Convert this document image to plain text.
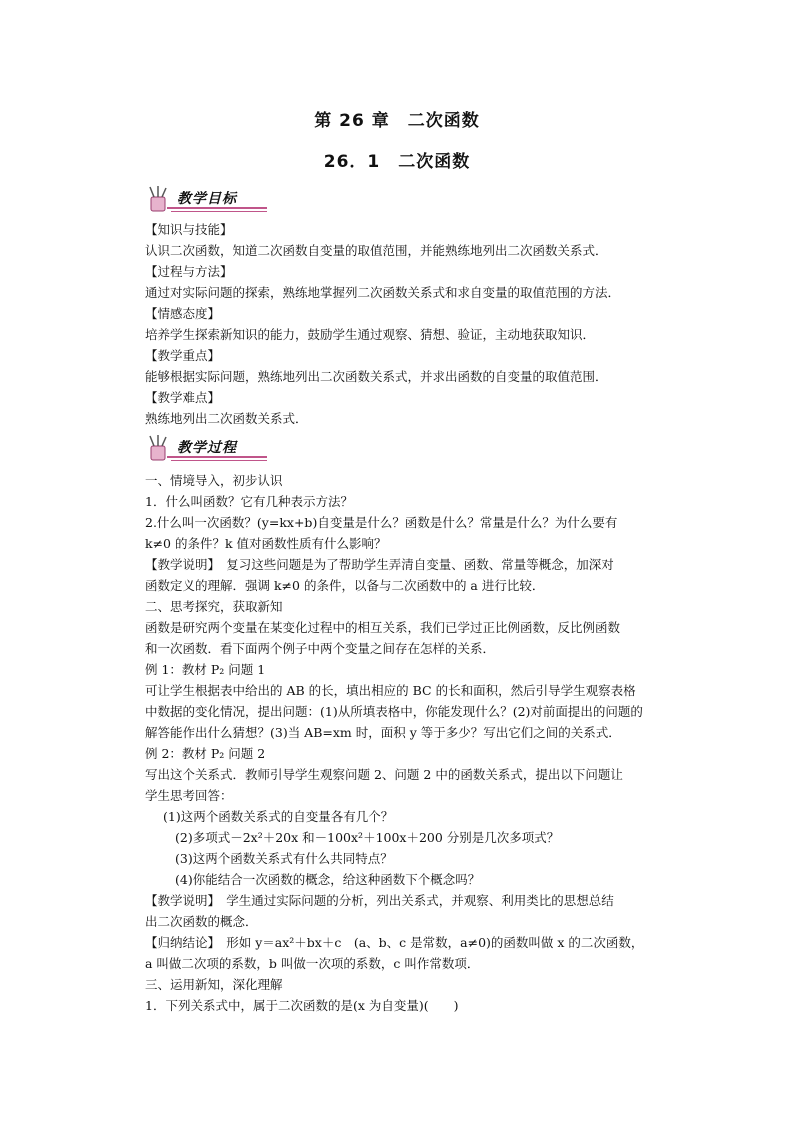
第 26 章　二次函数
26．1　二次函数
教学目标
教学过程
【知识与技能】
认识二次函数，知道二次函数自变量的取值范围，并能熟练地列出二次函数关系式．
【过程与方法】
通过对实际问题的探索，熟练地掌握列二次函数关系式和求自变量的取值范围的方法．
【情感态度】
培养学生探索新知识的能力，鼓励学生通过观察、猜想、验证，主动地获取知识．
【教学重点】
能够根据实际问题，熟练地列出二次函数关系式，并求出函数的自变量的取值范围．
【教学难点】
熟练地列出二次函数关系式．
一、情境导入，初步认识
1．什么叫函数？它有几种表示方法？
2.什么叫一次函数？(y=kx+b)自变量是什么？函数是什么？常量是什么？为什么要有
k≠0 的条件？k 值对函数性质有什么影响？
【教学说明】　复习这些问题是为了帮助学生弄清自变量、函数、常量等概念，加深对
函数定义的理解．强调 k≠0 的条件，以备与二次函数中的 a 进行比较．
二、思考探究，获取新知
函数是研究两个变量在某变化过程中的相互关系，我们已学过正比例函数，反比例函数
和一次函数．看下面两个例子中两个变量之间存在怎样的关系．
例 1：教材 P₂ 问题 1
可让学生根据表中给出的 AB 的长，填出相应的 BC 的长和面积，然后引导学生观察表格
中数据的变化情况，提出问题：(1)从所填表格中，你能发现什么？(2)对前面提出的问题的
解答能作出什么猜想？(3)当 AB=xm 时，面积 y 等于多少？写出它们之间的关系式．
例 2：教材 P₂ 问题 2
写出这个关系式．教师引导学生观察问题 2、问题 2 中的函数关系式，提出以下问题让
学生思考回答：
(1)这两个函数关系式的自变量各有几个？
(2)多项式－2x²＋20x 和－100x²＋100x＋200 分别是几次多项式？
(3)这两个函数关系式有什么共同特点？
(4)你能结合一次函数的概念，给这种函数下个概念吗？
【教学说明】　学生通过实际问题的分析，列出关系式，并观察、利用类比的思想总结
出二次函数的概念．
【归纳结论】　形如 y＝ax²＋bx＋c　(a、b、c 是常数，a≠0)的函数叫做 x 的二次函数，
a 叫做二次项的系数，b 叫做一次项的系数，c 叫作常数项．
三、运用新知，深化理解
1．下列关系式中，属于二次函数的是(x 为自变量)(　　)
